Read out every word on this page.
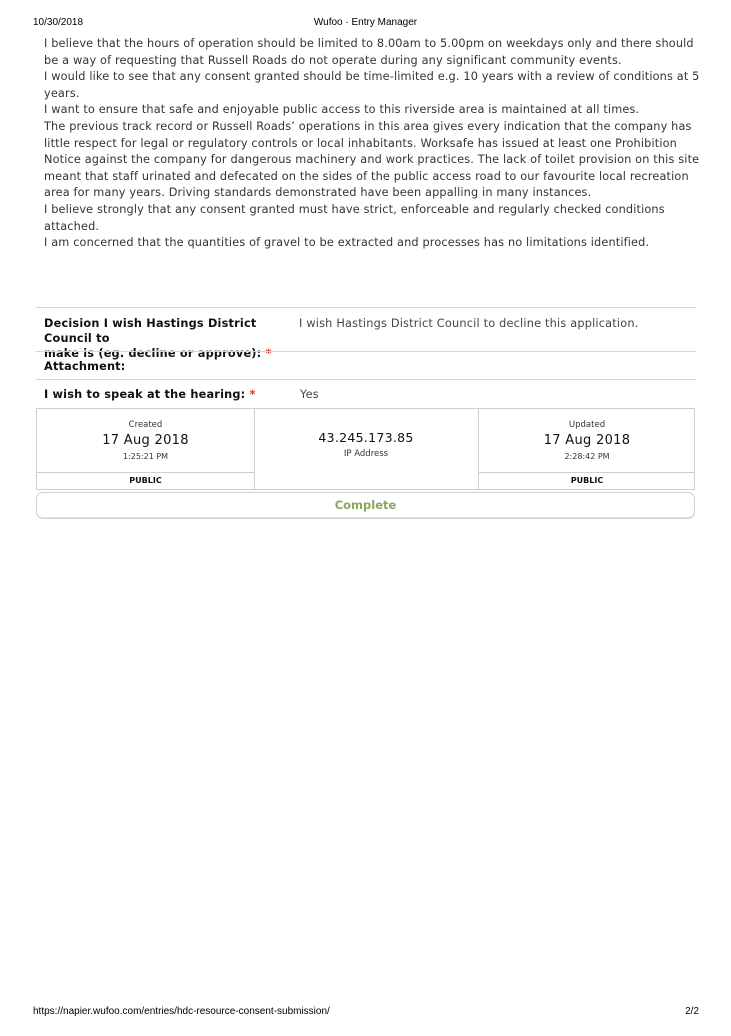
10/30/2018	Wufoo · Entry Manager

I believe that the hours of operation should be limited to 8.00am to 5.00pm on weekdays only and there should be a way of requesting that Russell Roads do not operate during any significant community events.

I would like to see that any consent granted should be time-limited e.g. 10 years with a review of conditions at 5 years.

I want to ensure that safe and enjoyable public access to this riverside area is maintained at all times.

The previous track record or Russell Roads’ operations in this area gives every indication that the company has little respect for legal or regulatory controls or local inhabitants. Worksafe has issued at least one Prohibition Notice against the company for dangerous machinery and work practices. The lack of toilet provision on this site meant that staff urinated and defecated on the sides of the public access road to our favourite local recreation area for many years. Driving standards demonstrated have been appalling in many instances.

I believe strongly that any consent granted must have strict, enforceable and regularly checked conditions attached.

I am concerned that the quantities of gravel to be extracted and processes has no limitations identified.

Decision I wish Hastings District Council to
make is (eg. decline or approve): *
I wish Hastings District Council to decline this application.
Attachment:
I wish to speak at the hearing: *	Yes
Created
17 Aug 2018
1:25:21 PM
PUBLIC
43.245.173.85
IP Address
Updated
17 Aug 2018
2:28:42 PM
PUBLIC
Complete
https://napier.wufoo.com/entries/hdc-resource-consent-submission/	2/2
